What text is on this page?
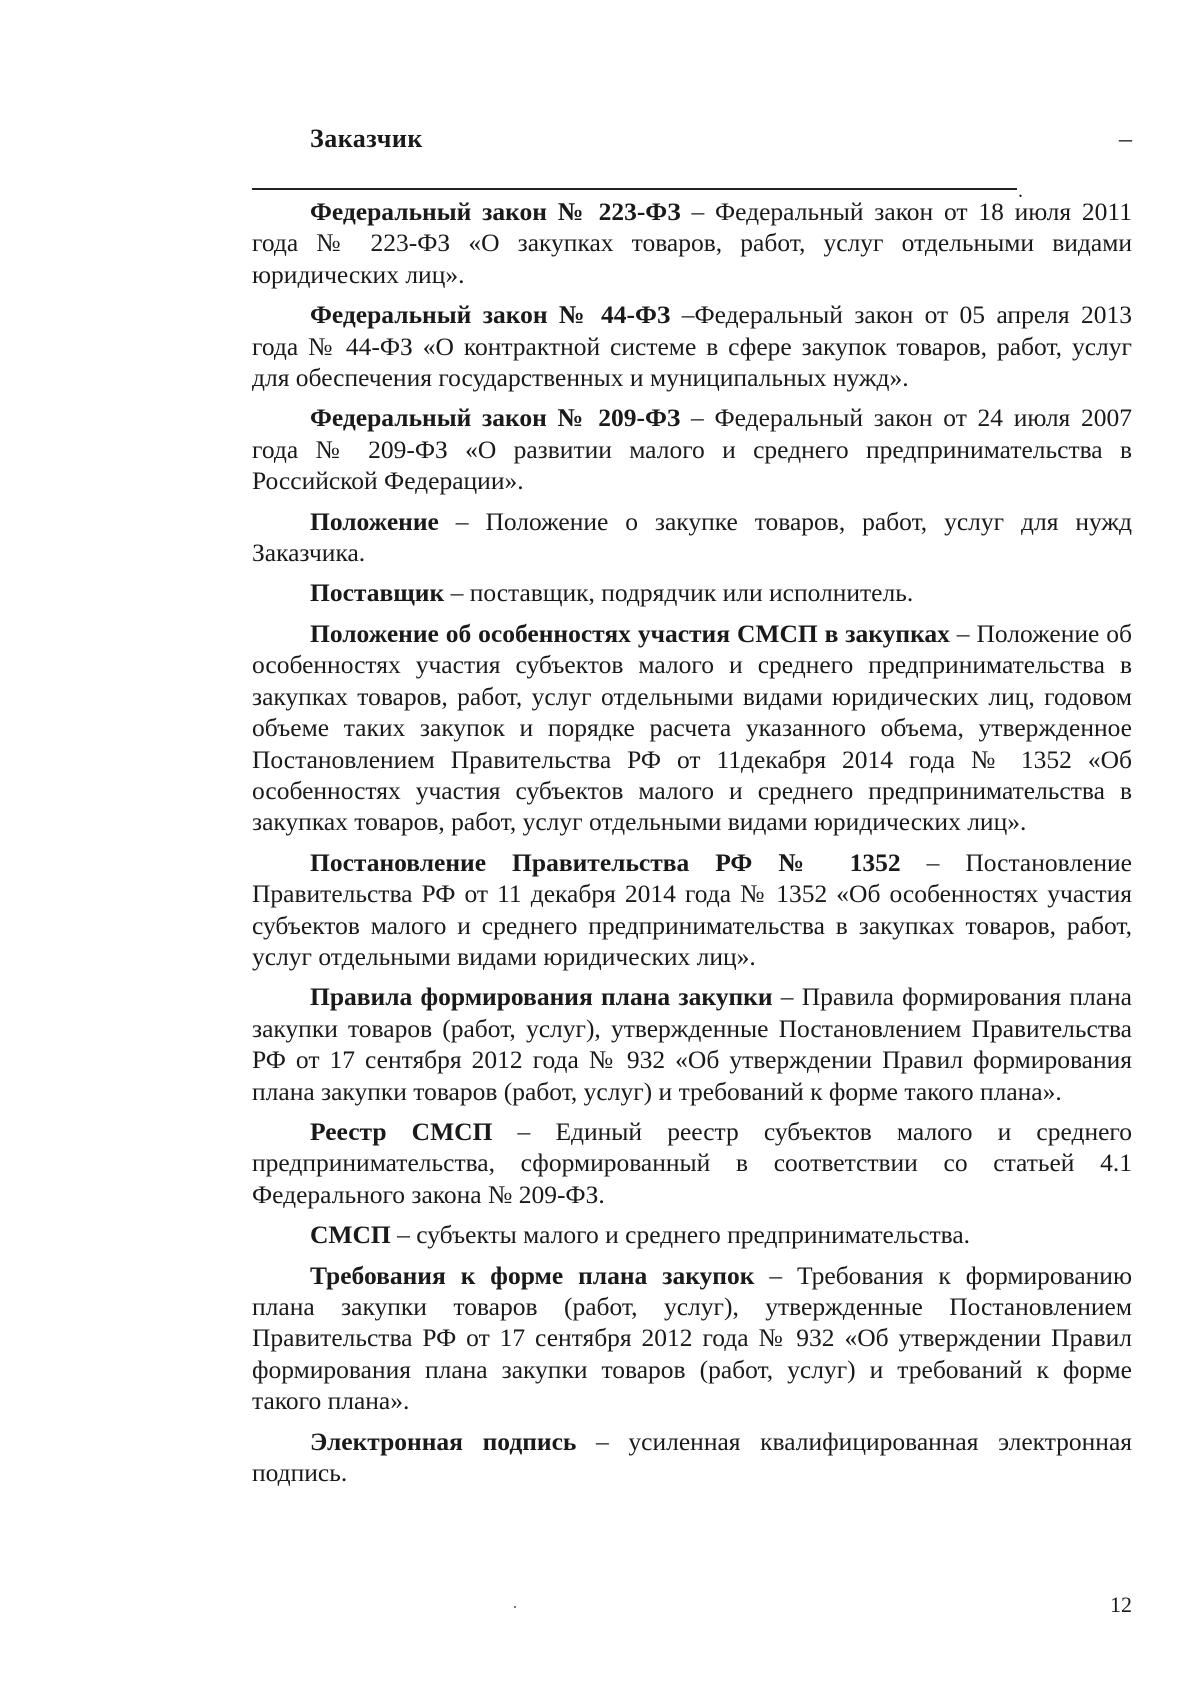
Заказчик	–
.

Федеральный закон № 223-ФЗ – Федеральный закон от 18 июля 2011 года № 223-ФЗ «О закупках товаров, работ, услуг отдельными видами юридических лиц».

Федеральный закон № 44-ФЗ –Федеральный закон от 05 апреля 2013 года № 44-ФЗ «О контрактной системе в сфере закупок товаров, работ, услуг для обеспечения государственных и муниципальных нужд».

Федеральный закон № 209-ФЗ – Федеральный закон от 24 июля 2007 года № 209-ФЗ «О развитии малого и среднего предпринимательства в Российской Федерации».

Положение – Положение о закупке товаров, работ, услуг для нужд Заказчика.

Поставщик – поставщик, подрядчик или исполнитель.

Положение об особенностях участия СМСП в закупках – Положение об особенностях участия субъектов малого и среднего предпринимательства в закупках товаров, работ, услуг отдельными видами юридических лиц, годовом объеме таких закупок и порядке расчета указанного объема, утвержденное Постановлением Правительства РФ от 11декабря 2014 года № 1352 «Об особенностях участия субъектов малого и среднего предпринимательства в закупках товаров, работ, услуг отдельными видами юридических лиц».

Постановление Правительства РФ № 1352 – Постановление Правительства РФ от 11 декабря 2014 года № 1352 «Об особенностях участия субъектов малого и среднего предпринимательства в закупках товаров, работ, услуг отдельными видами юридических лиц».

Правила формирования плана закупки – Правила формирования плана закупки товаров (работ, услуг), утвержденные Постановлением Правительства РФ от 17 сентября 2012 года № 932 «Об утверждении Правил формирования плана закупки товаров (работ, услуг) и требований к форме такого плана».

Реестр СМСП – Единый реестр субъектов малого и среднего предпринимательства, сформированный в соответствии со статьей 4.1 Федерального закона № 209-ФЗ.

СМСП – субъекты малого и среднего предпринимательства.

Требования к форме плана закупок – Требования к формированию плана закупки товаров (работ, услуг), утвержденные Постановлением Правительства РФ от 17 сентября 2012 года № 932 «Об утверждении Правил формирования плана закупки товаров (работ, услуг) и требований к форме такого плана».

Электронная подпись – усиленная квалифицированная электронная подпись.

12
